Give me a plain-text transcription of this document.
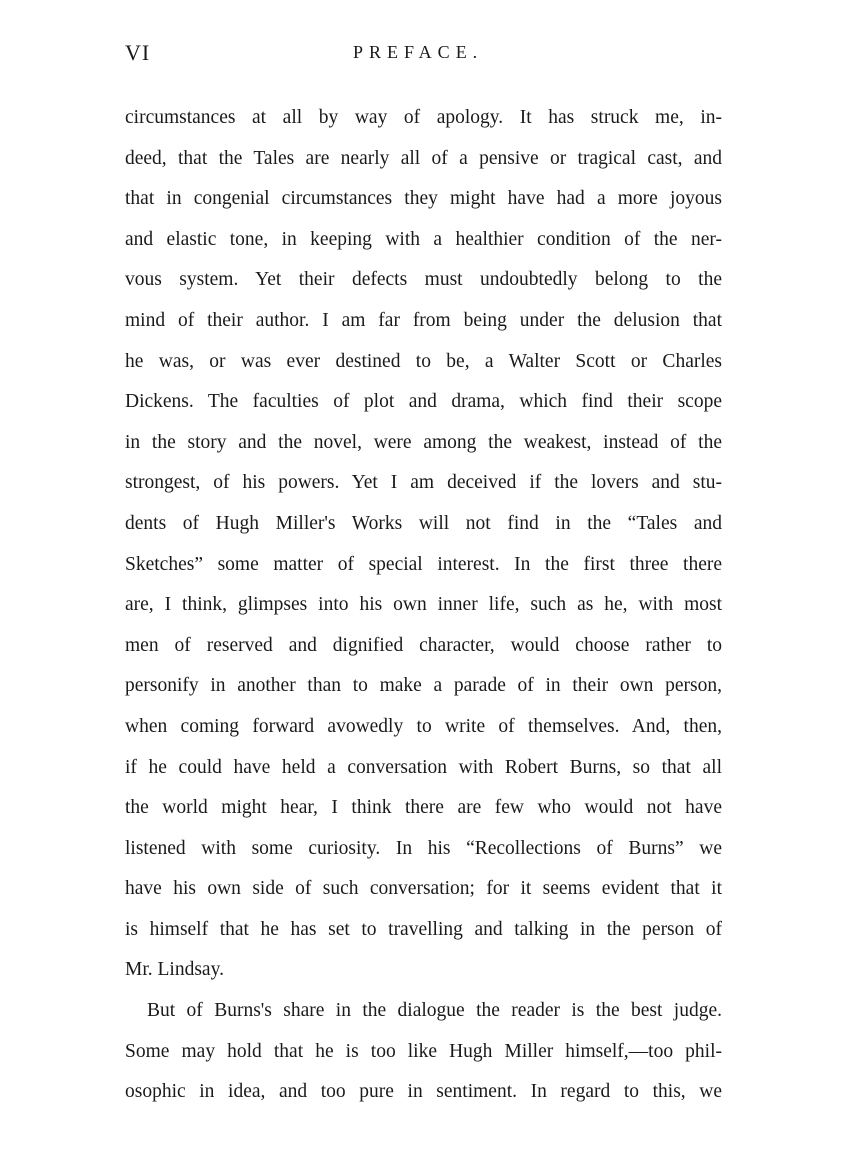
VI	PREFACE.
circumstances at all by way of apology. It has struck me, in-
deed, that the Tales are nearly all of a pensive or tragical cast, and
that in congenial circumstances they might have had a more joyous
and elastic tone, in keeping with a healthier condition of the ner-
vous system. Yet their defects must undoubtedly belong to the
mind of their author. I am far from being under the delusion that
he was, or was ever destined to be, a Walter Scott or Charles
Dickens. The faculties of plot and drama, which find their scope
in the story and the novel, were among the weakest, instead of the
strongest, of his powers. Yet I am deceived if the lovers and stu-
dents of Hugh Miller's Works will not find in the “Tales and
Sketches” some matter of special interest. In the first three there
are, I think, glimpses into his own inner life, such as he, with most
men of reserved and dignified character, would choose rather to
personify in another than to make a parade of in their own person,
when coming forward avowedly to write of themselves. And, then,
if he could have held a conversation with Robert Burns, so that all
the world might hear, I think there are few who would not have
listened with some curiosity. In his “Recollections of Burns” we
have his own side of such conversation; for it seems evident that it
is himself that he has set to travelling and talking in the person of
Mr. Lindsay.
But of Burns's share in the dialogue the reader is the best judge.
Some may hold that he is too like Hugh Miller himself,—too phil-
osophic in idea, and too pure in sentiment. In regard to this, we
